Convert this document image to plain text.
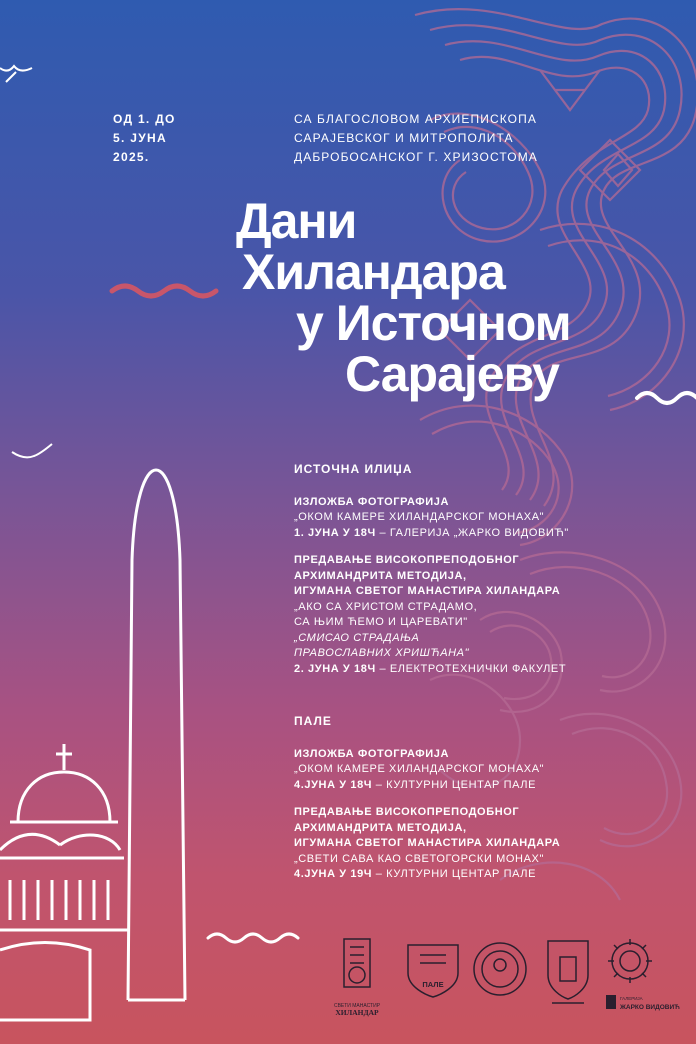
ОД 1. ДО
5. ЈУНА
2025.
СА БЛАГОСЛОВОМ АРХИЕПИСКОПА
САРАЈЕВСКОГ И МИТРОПОЛИТА
ДАБРОБОСАНСКОГ Г. ХРИЗОСТОМА
Дани
Хиландара
у Источном
Сарајеву
ИСТОЧНА ИЛИЏА
ИЗЛОЖБА ФОТОГРАФИЈА
„ОКОМ КАМЕРЕ ХИЛАНДАРСКОГ МОНАХА"
1. ЈУНА У 18Ч – ГАЛЕРИЈА „ЖАРКО ВИДОВИЋ"
ПРЕДАВАЊЕ ВИСОКОПРЕПОДОБНОГ
АРХИМАНДРИТА МЕТОДИЈА,
ИГУМАНА СВЕТОГ МАНАСТИРА ХИЛАНДАРА
„АКО СА ХРИСТОМ СТРАДАМО,
СА ЊИМ ЋЕМО И ЦАРЕВАТИ"
„СМИСАО СТРАДАЊА
ПРАВОСЛАВНИХ ХРИШЋАНА"
2. ЈУНА У 18Ч – ЕЛЕКТРОТЕХНИЧКИ ФАКУЛЕТ
ПАЛЕ
ИЗЛОЖБА ФОТОГРАФИЈА
„ОКОМ КАМЕРЕ ХИЛАНДАРСКОГ МОНАХА"
4.ЈУНА У 18Ч – КУЛТУРНИ ЦЕНТАР ПАЛЕ
ПРЕДАВАЊЕ ВИСОКОПРЕПОДОБНОГ
АРХИМАНДРИТА МЕТОДИЈА,
ИГУМАНА СВЕТОГ МАНАСТИРА ХИЛАНДАРА
„СВЕТИ САВА КАО СВЕТОГОРСКИ МОНАХ"
4.ЈУНА У 19Ч – КУЛТУРНИ ЦЕНТАР ПАЛЕ
СВЕТИ МАНАСТИР
ХИЛАНДАР
ПАЛЕ
ГАЛЕРИЈА
ЖАРКО ВИДОВИЋ
